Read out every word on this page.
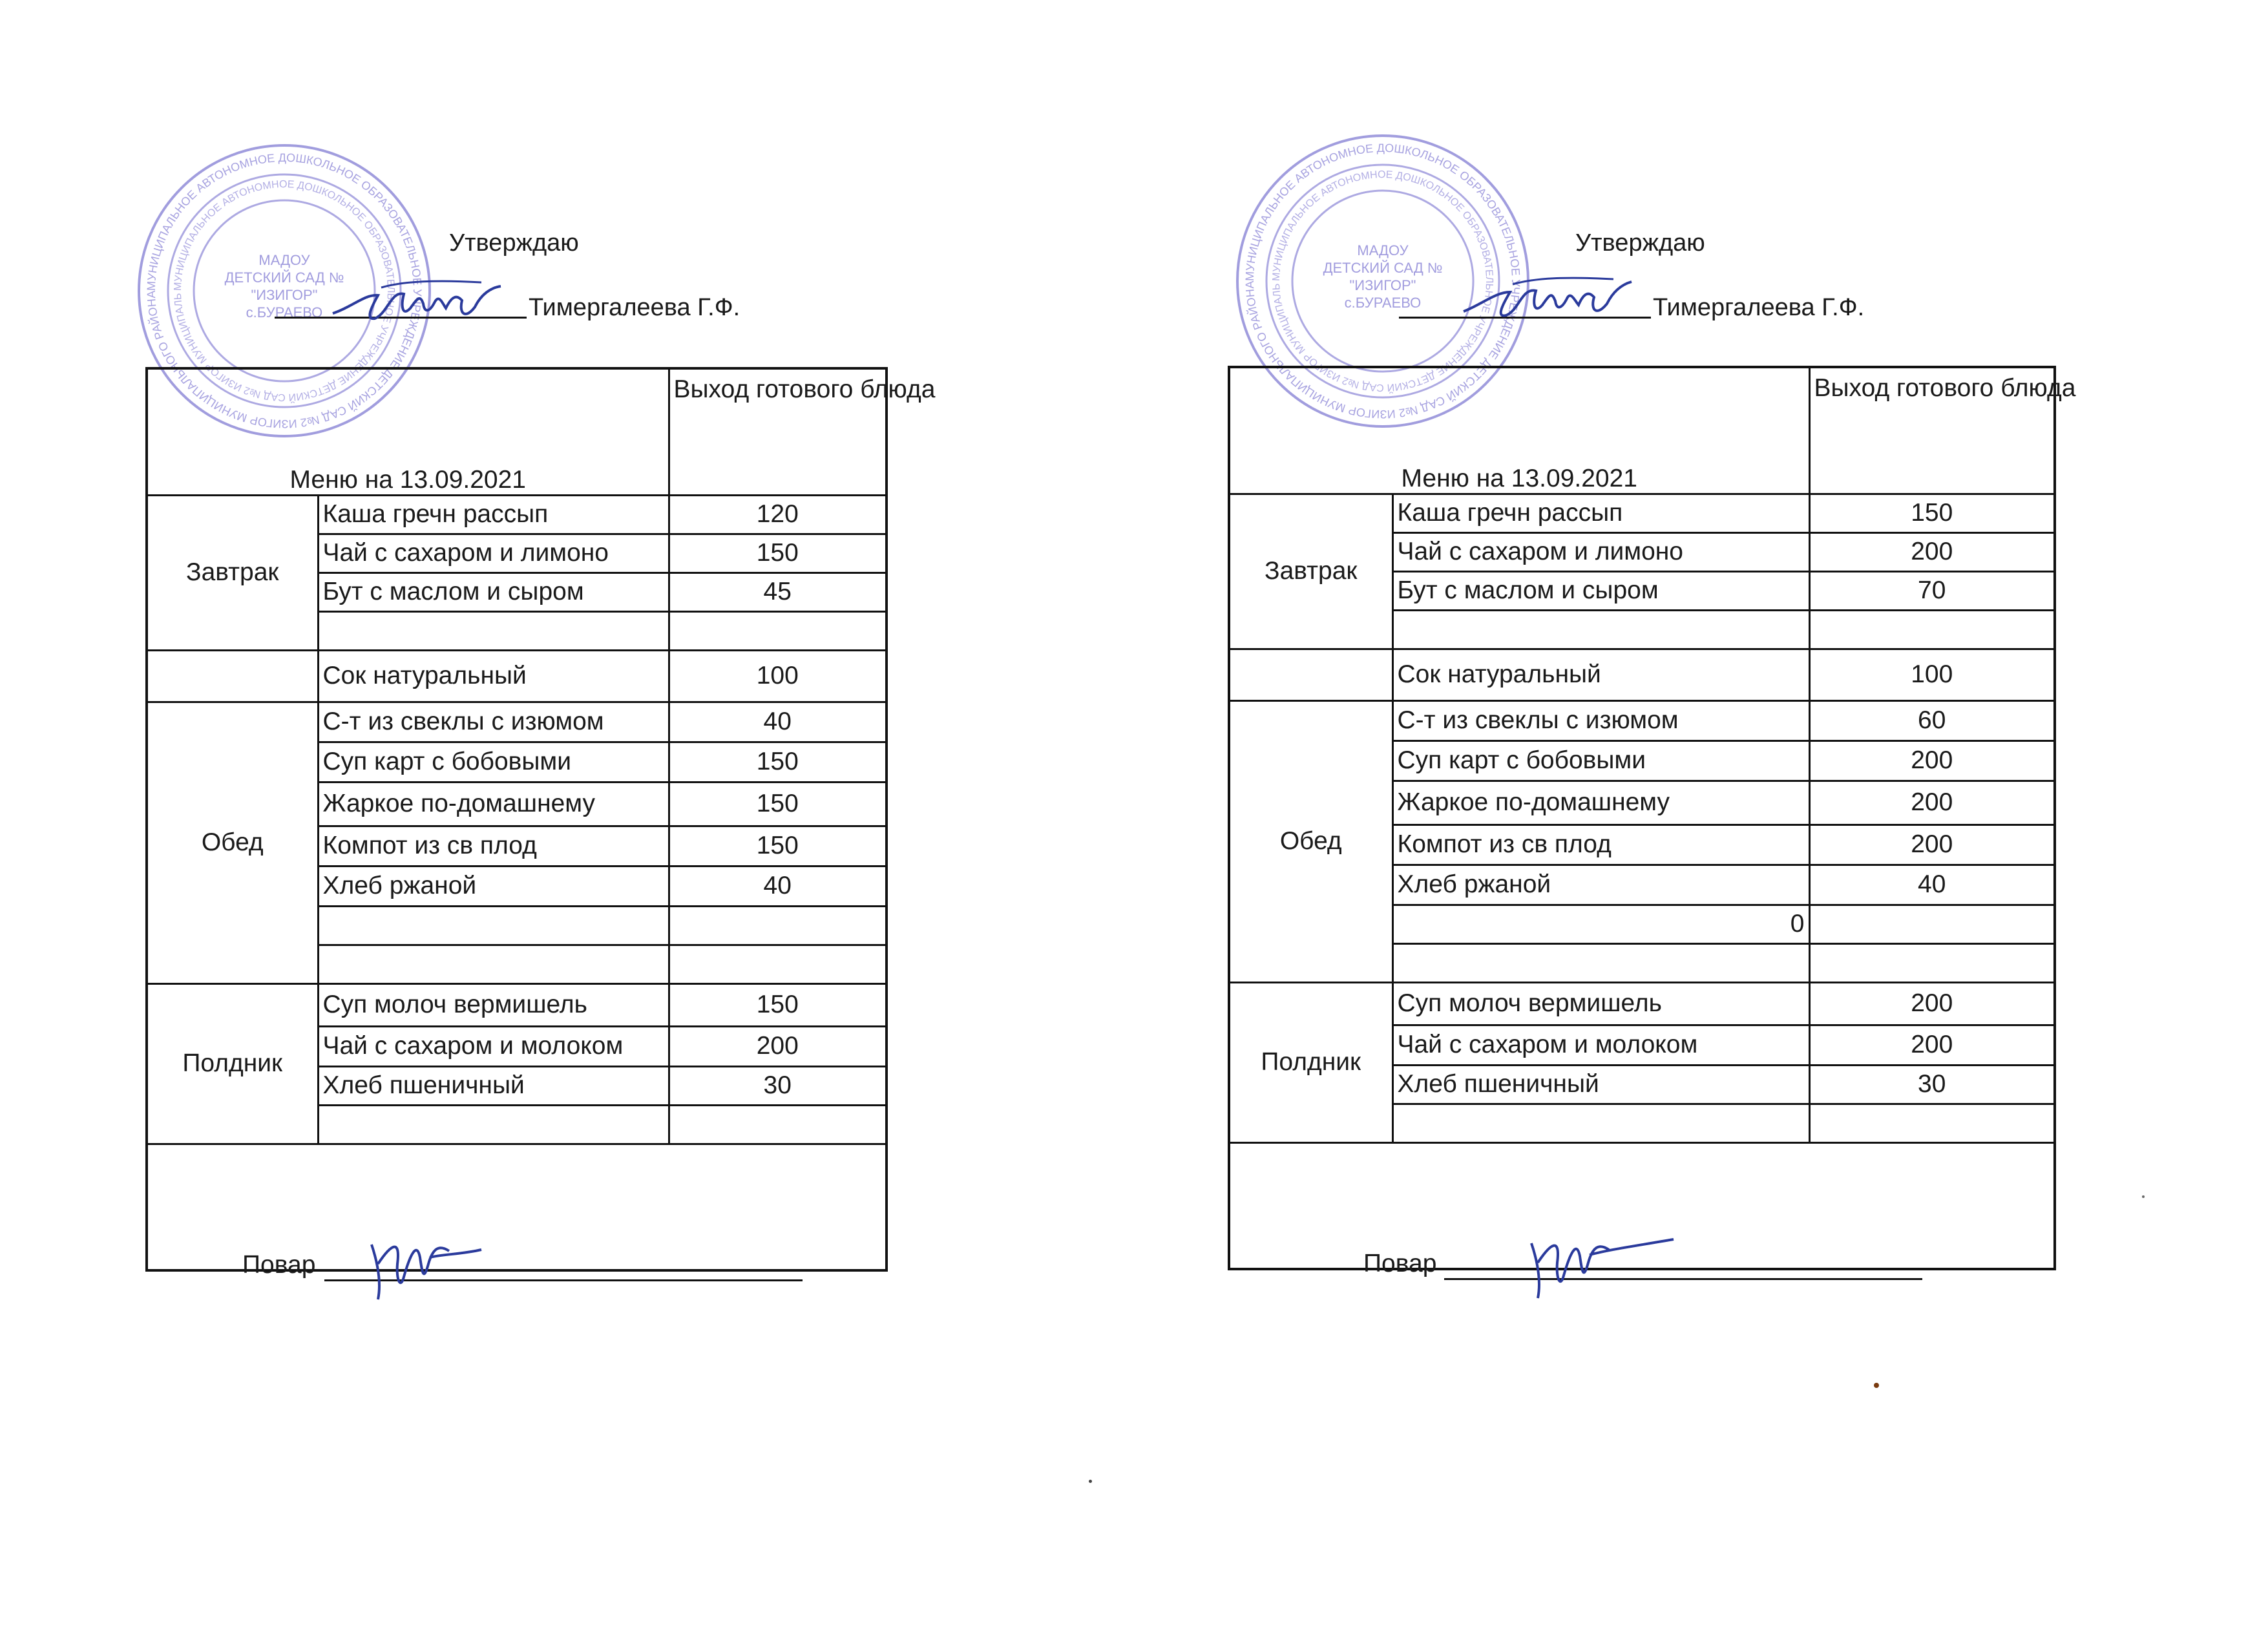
МУНИЦИПАЛЬНОЕ АВТОНОМНОЕ ДОШКОЛЬНОЕ ОБРАЗОВАТЕЛЬНОЕ УЧРЕЖДЕНИЕ ДЕТСКИЙ САД №2 ИЗИГОР МУНИЦИПАЛЬНОГО РАЙОНА
МУНИЦИПАЛЬНОЕ АВТОНОМНОЕ ДОШКОЛЬНОЕ ОБРАЗОВАТЕЛЬНОЕ УЧРЕЖДЕНИЕ ДЕТСКИЙ САД №2 ИЗИГОР МУНИЦИПАЛЬ
МАДОУ
ДЕТСКИЙ САД №
"ИЗИГОР"
с.БУРАЕВО
Утверждаю
Тимергалеева Г.Ф.
Меню на 13.09.2021		Выход готового блюда
Завтрак	Каша гречн рассып	120
	Чай с сахаром и лимоно	150
	Бут с маслом и сыром	45

	Сок натуральный	100
Обед	С-т из свеклы с изюмом	40
	Суп карт с бобовыми	150
	Жаркое по-домашнему	150
	Компот из св плод	150
	Хлеб ржаной	40

Полдник	Суп молоч вермишель	150
	Чай с сахаром и молоком	200
	Хлеб пшеничный	30

Повар		
МУНИЦИПАЛЬНОЕ АВТОНОМНОЕ ДОШКОЛЬНОЕ ОБРАЗОВАТЕЛЬНОЕ УЧРЕЖДЕНИЕ ДЕТСКИЙ САД №2 ИЗИГОР МУНИЦИПАЛЬНОГО РАЙОНА
МУНИЦИПАЛЬНОЕ АВТОНОМНОЕ ДОШКОЛЬНОЕ ОБРАЗОВАТЕЛЬНОЕ УЧРЕЖДЕНИЕ ДЕТСКИЙ САД №2 ИЗИГОР МУНИЦИПАЛЬ
МАДОУ
ДЕТСКИЙ САД №
"ИЗИГОР"
с.БУРАЕВО
Утверждаю
Тимергалеева Г.Ф.
Меню на 13.09.2021		Выход готового блюда
Завтрак	Каша гречн рассып	150
	Чай с сахаром и лимоно	200
	Бут с маслом и сыром	70

	Сок натуральный	100
Обед	С-т из свеклы с изюмом	60
	Суп карт с бобовыми	200
	Жаркое по-домашнему	200
	Компот из св плод	200
	Хлеб ржаной	40
	0	

Полдник	Суп молоч вермишель	200
	Чай с сахаром и молоком	200
	Хлеб пшеничный	30

Повар		
